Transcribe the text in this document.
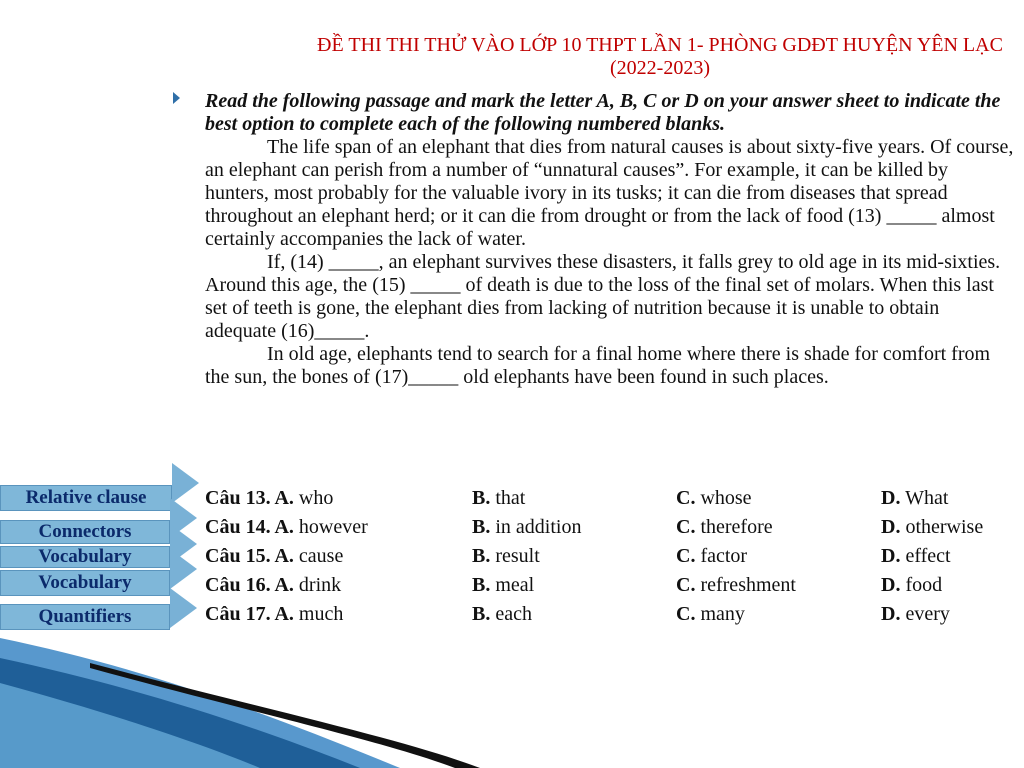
ĐỀ THI THI THỬ VÀO LỚP 10 THPT LẦN 1- PHÒNG GDĐT HUYỆN YÊN LẠC
(2022-2023)
Read the following passage and mark the letter A, B, C or D on your answer sheet to indicate the best option to complete each of the following numbered blanks.
The life span of an elephant that dies from natural causes is about sixty-five years. Of course, an elephant can perish from a number of “unnatural causes”. For example, it can be killed by hunters, most probably for the valuable ivory in its tusks; it can die from diseases that spread throughout an elephant herd; or it can die from drought or from the lack of food (13) _____ almost certainly accompanies the lack of water.
If, (14) _____, an elephant survives these disasters, it falls grey to old age in its mid-sixties. Around this age, the (15) _____ of death is due to the loss of the final set of molars. When this last set of teeth is gone, the elephant dies from lacking of nutrition because it is unable to obtain adequate (16)_____.
In old age, elephants tend to search for a final home where there is shade for comfort from the sun, the bones of (17)_____ old elephants have been found in such places.
Câu 13. A. who	B. that	C. whose	D. What
Câu 14. A. however	B. in addition	C. therefore	D. otherwise
Câu 15. A. cause	B. result	C. factor	D. effect
Câu 16. A. drink	B. meal	C. refreshment	D. food
Câu 17. A. much	B. each	C. many	D. every
Relative clause
Connectors
Vocabulary
Vocabulary
Quantifiers
